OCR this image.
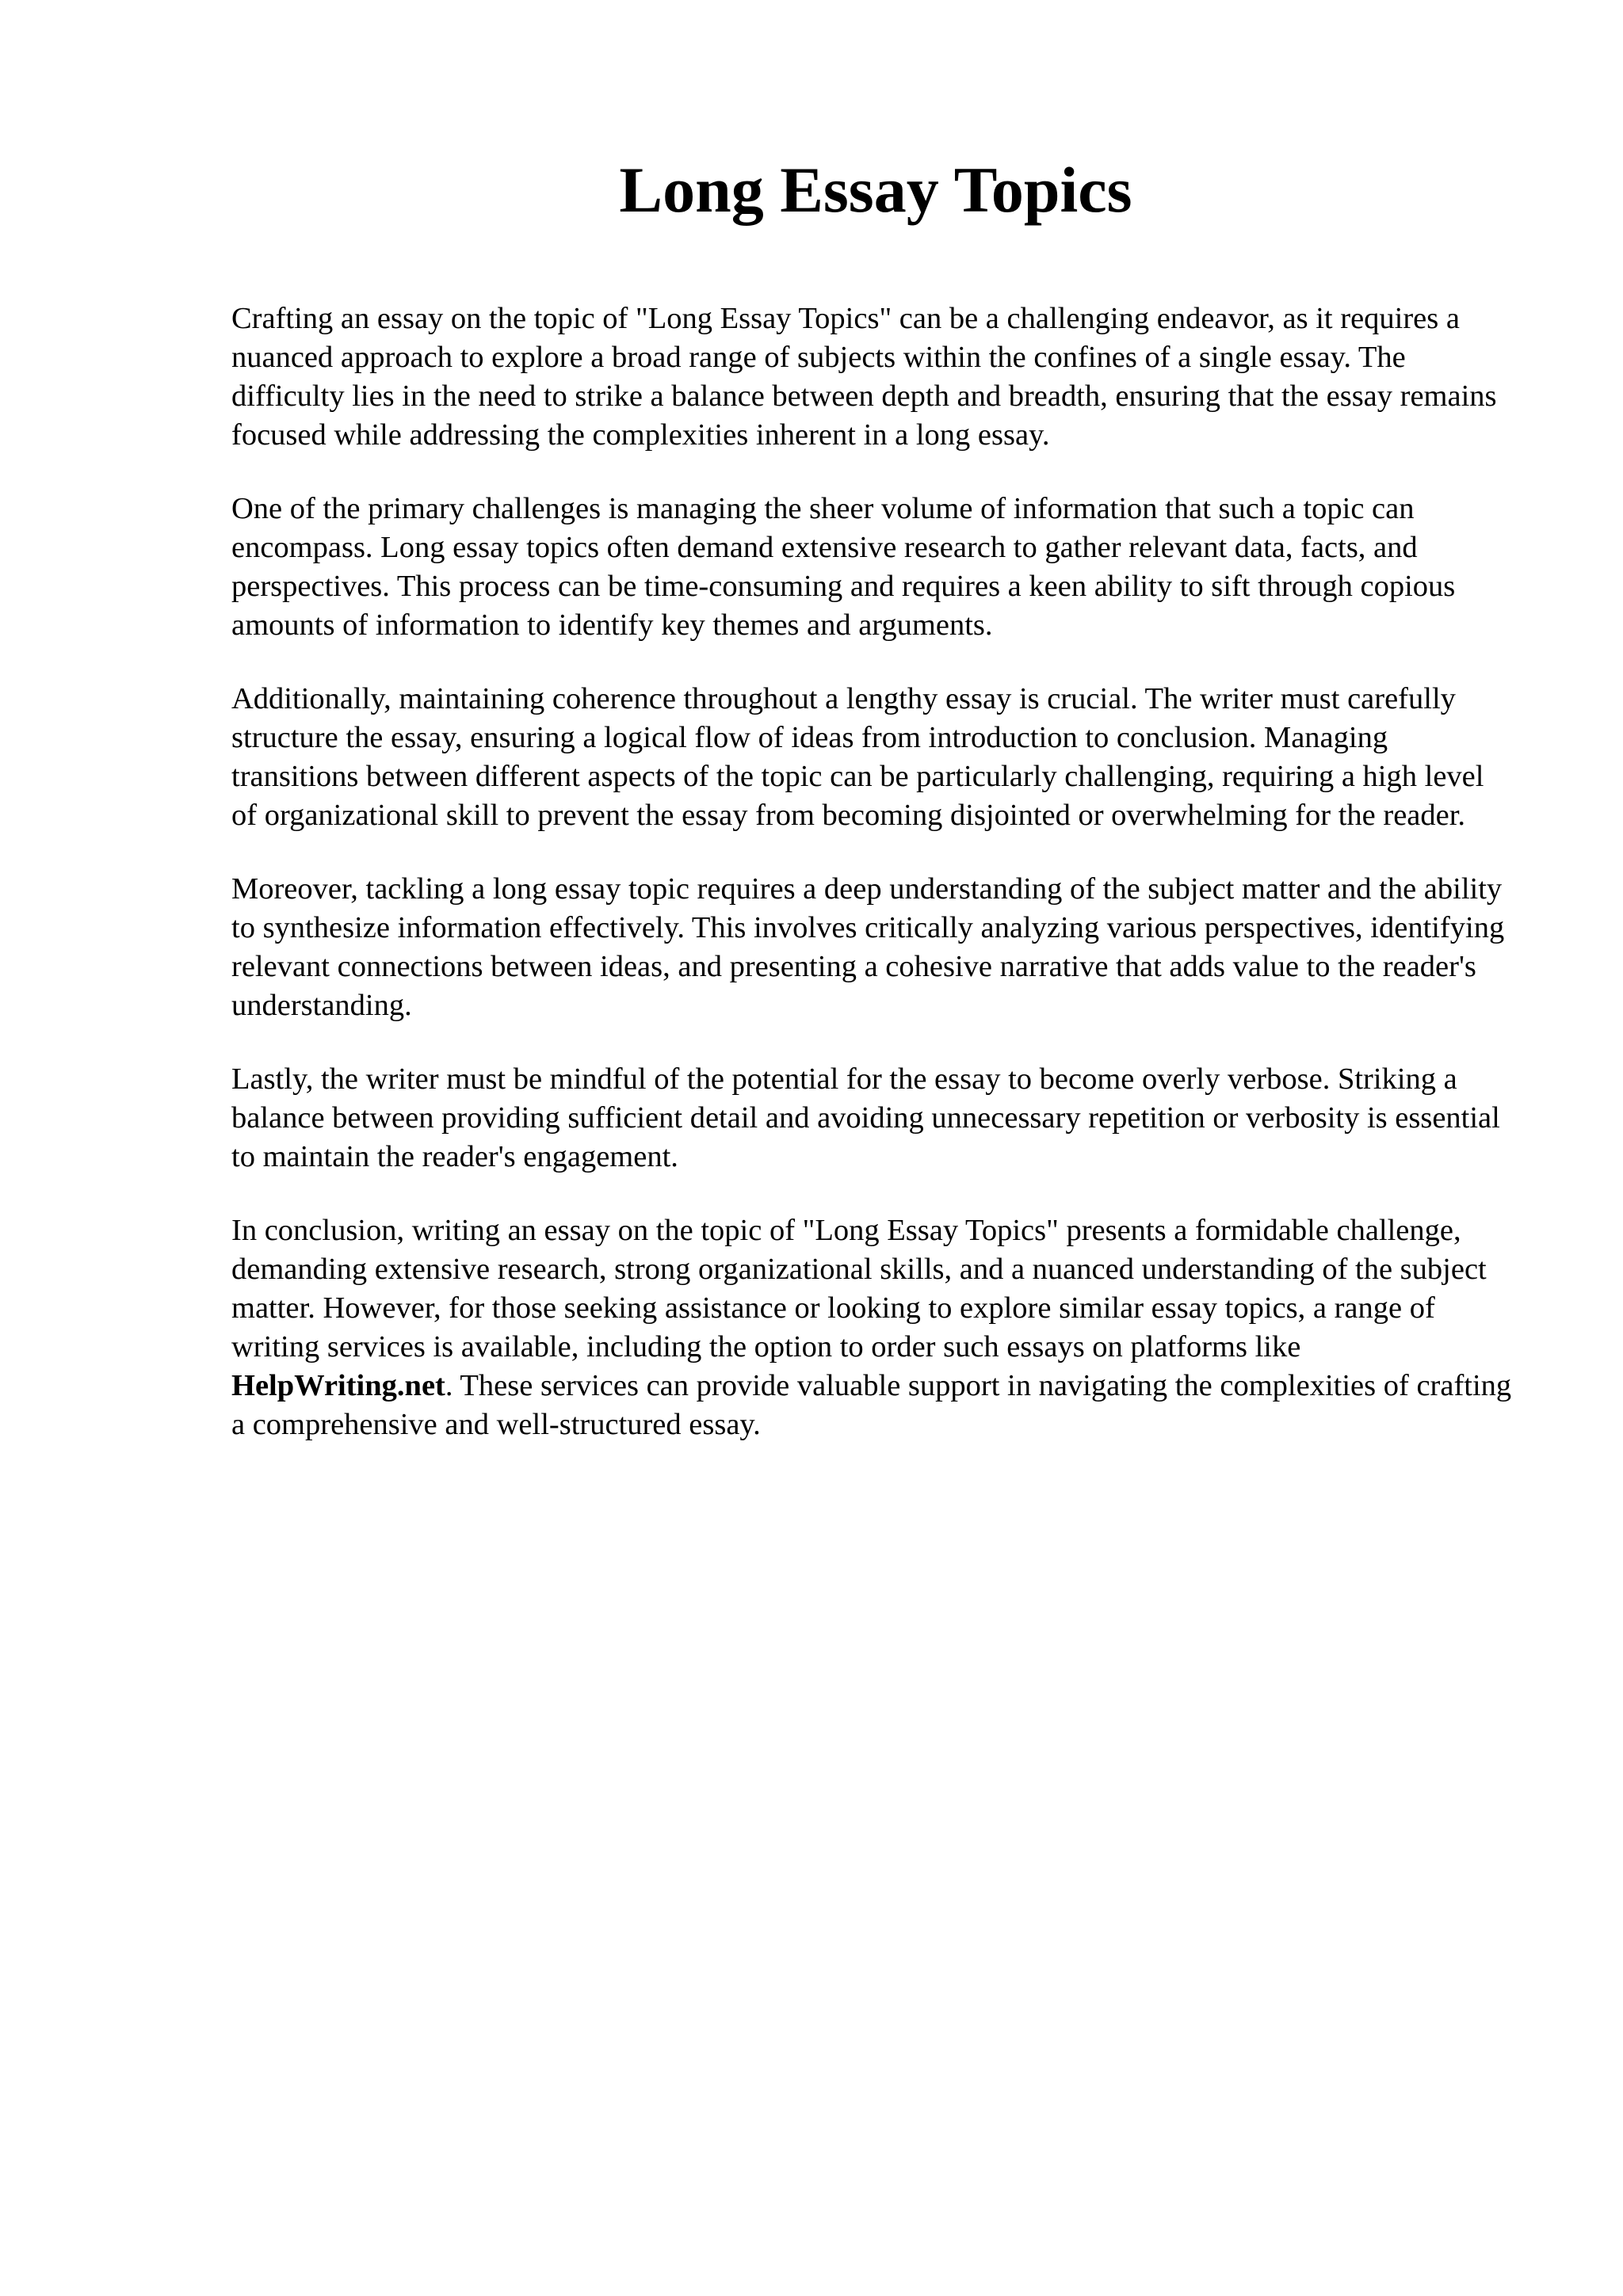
Long Essay Topics

Crafting an essay on the topic of "Long Essay Topics" can be a challenging endeavor, as it requires a nuanced approach to explore a broad range of subjects within the confines of a single essay. The difficulty lies in the need to strike a balance between depth and breadth, ensuring that the essay remains focused while addressing the complexities inherent in a long essay.

One of the primary challenges is managing the sheer volume of information that such a topic can encompass. Long essay topics often demand extensive research to gather relevant data, facts, and perspectives. This process can be time-consuming and requires a keen ability to sift through copious amounts of information to identify key themes and arguments.

Additionally, maintaining coherence throughout a lengthy essay is crucial. The writer must carefully structure the essay, ensuring a logical flow of ideas from introduction to conclusion. Managing transitions between different aspects of the topic can be particularly challenging, requiring a high level of organizational skill to prevent the essay from becoming disjointed or overwhelming for the reader.

Moreover, tackling a long essay topic requires a deep understanding of the subject matter and the ability to synthesize information effectively. This involves critically analyzing various perspectives, identifying relevant connections between ideas, and presenting a cohesive narrative that adds value to the reader's understanding.

Lastly, the writer must be mindful of the potential for the essay to become overly verbose. Striking a balance between providing sufficient detail and avoiding unnecessary repetition or verbosity is essential to maintain the reader's engagement.

In conclusion, writing an essay on the topic of "Long Essay Topics" presents a formidable challenge, demanding extensive research, strong organizational skills, and a nuanced understanding of the subject matter. However, for those seeking assistance or looking to explore similar essay topics, a range of writing services is available, including the option to order such essays on platforms like HelpWriting.net. These services can provide valuable support in navigating the complexities of crafting a comprehensive and well-structured essay.
